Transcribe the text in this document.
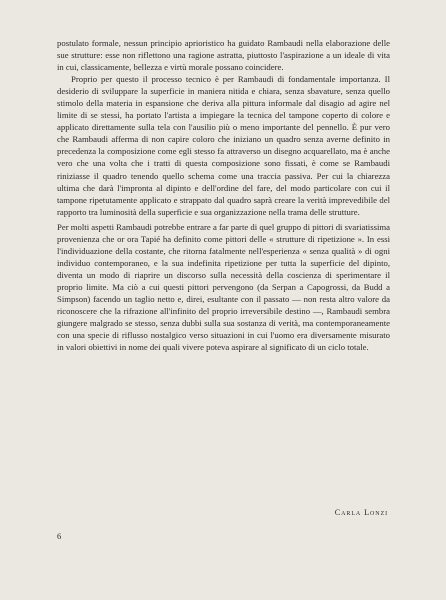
postulato formale, nessun principio aprioristico ha guidato Rambaudi nella elaborazione delle sue strutture: esse non riflettono una ragione astratta, piuttosto l'aspirazione a un ideale di vita in cui, classicamente, bellezza e virtù morale possano coincidere.

Proprio per questo il processo tecnico è per Rambaudi di fondamentale importanza. Il desiderio di sviluppare la superficie in maniera nitida e chiara, senza sbavature, senza quello stimolo della materia in espansione che deriva alla pittura informale dal disagio ad agire nel limite di se stessi, ha portato l'artista a impiegare la tecnica del tampone coperto di colore e applicato direttamente sulla tela con l'ausilio più o meno importante del pennello. È pur vero che Rambaudi afferma di non capire coloro che iniziano un quadro senza averne definito in precedenza la composizione come egli stesso fa attraverso un disegno acquarellato, ma è anche vero che una volta che i tratti di questa composizione sono fissati, è come se Rambaudi riniziasse il quadro tenendo quello schema come una traccia passiva. Per cui la chiarezza ultima che darà l'impronta al dipinto e dell'ordine del fare, del modo particolare con cui il tampone ripetutamente applicato e strappato dal quadro saprà creare la verità imprevedibile del rapporto tra luminosità della superficie e sua organizzazione nella trama delle strutture.

Per molti aspetti Rambaudi potrebbe entrare a far parte di quel gruppo di pittori di svariatissima provenienza che or ora Tapié ha definito come pittori delle « strutture di ripetizione ». In essi l'individuazione della costante, che ritorna fatalmente nell'esperienza « senza qualità » di ogni individuo contemporaneo, e la sua indefinita ripetizione per tutta la superficie del dipinto, diventa un modo di riaprire un discorso sulla necessità della coscienza di sperimentare il proprio limite. Ma ciò a cui questi pittori pervengono (da Serpan a Capogrossi, da Budd a Simpson) facendo un taglio netto e, direi, esultante con il passato — non resta altro valore da riconoscere che la rifrazione all'infinito del proprio irreversibile destino —, Rambaudi sembra giungere malgrado se stesso, senza dubbi sulla sua sostanza di verità, ma contemporaneamente con una specie di riflusso nostalgico verso situazioni in cui l'uomo era diversamente misurato in valori obiettivi in nome dei quali vivere poteva aspirare al significato di un ciclo totale.

Carla Lonzi
6
